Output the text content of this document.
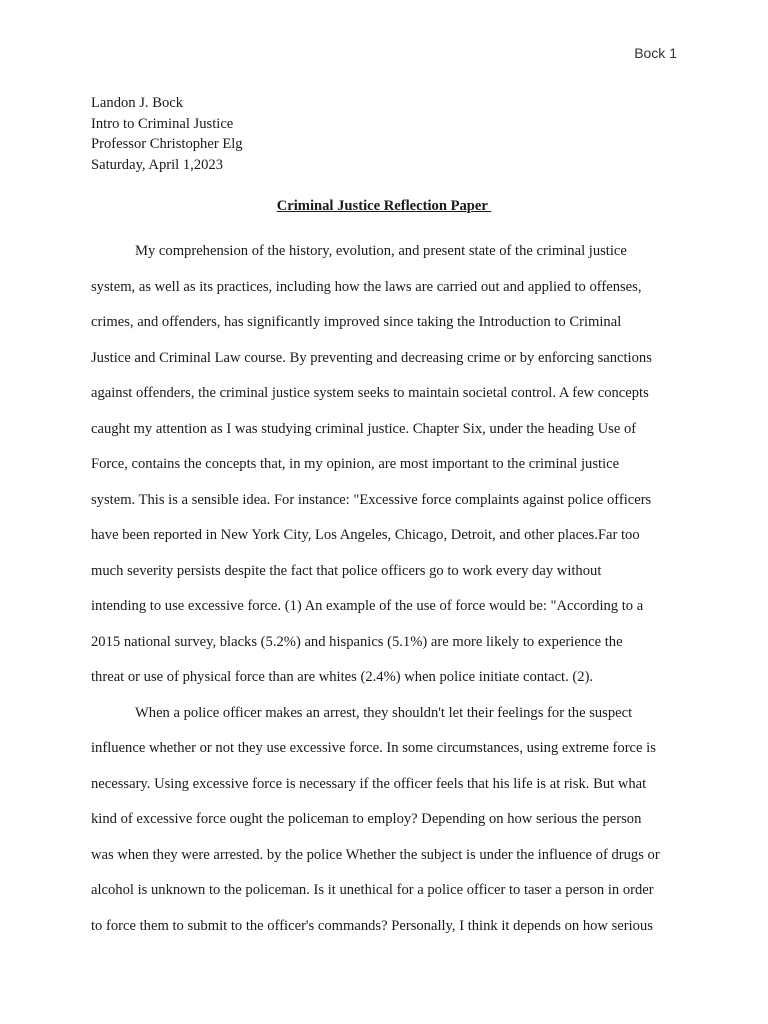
Bock 1
Landon J. Bock
Intro to Criminal Justice
Professor Christopher Elg
Saturday, April 1,2023
Criminal Justice Reflection Paper
My comprehension of the history, evolution, and present state of the criminal justice
system, as well as its practices, including how the laws are carried out and applied to offenses,
crimes, and offenders, has significantly improved since taking the Introduction to Criminal
Justice and Criminal Law course. By preventing and decreasing crime or by enforcing sanctions
against offenders, the criminal justice system seeks to maintain societal control. A few concepts
caught my attention as I was studying criminal justice. Chapter Six, under the heading Use of
Force, contains the concepts that, in my opinion, are most important to the criminal justice
system. This is a sensible idea. For instance: "Excessive force complaints against police officers
have been reported in New York City, Los Angeles, Chicago, Detroit, and other places.Far too
much severity persists despite the fact that police officers go to work every day without
intending to use excessive force. (1) An example of the use of force would be: "According to a
2015 national survey, blacks (5.2%) and hispanics (5.1%) are more likely to experience the
threat or use of physical force than are whites (2.4%) when police initiate contact. (2).
When a police officer makes an arrest, they shouldn't let their feelings for the suspect
influence whether or not they use excessive force. In some circumstances, using extreme force is
necessary. Using excessive force is necessary if the officer feels that his life is at risk. But what
kind of excessive force ought the policeman to employ? Depending on how serious the person
was when they were arrested. by the police Whether the subject is under the influence of drugs or
alcohol is unknown to the policeman. Is it unethical for a police officer to taser a person in order
to force them to submit to the officer's commands? Personally, I think it depends on how serious
